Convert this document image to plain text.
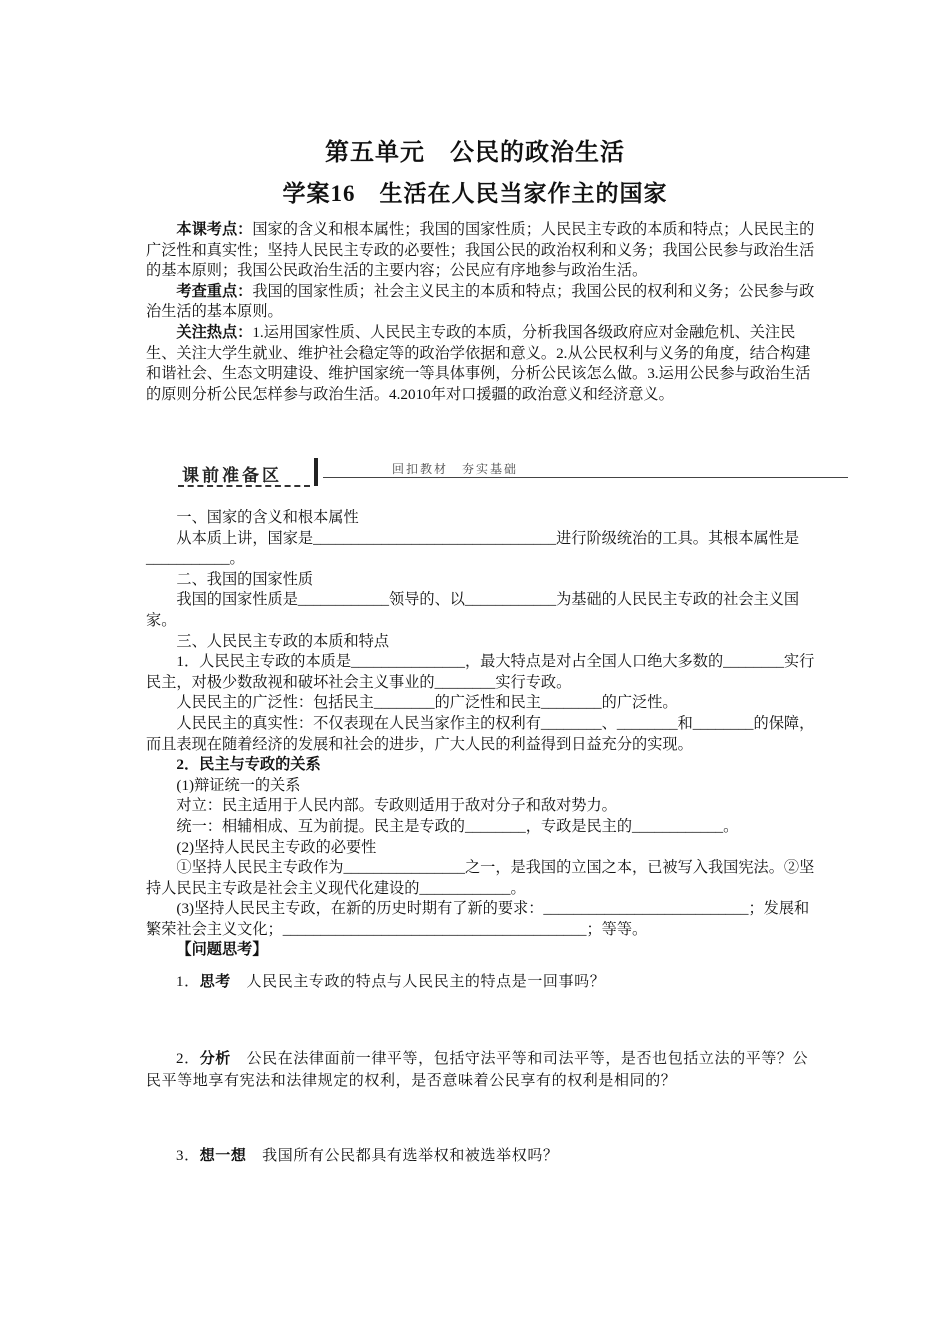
第五单元　公民的政治生活
学案16　生活在人民当家作主的国家

本课考点：国家的含义和根本属性；我国的国家性质；人民民主专政的本质和特点；人民民主的广泛性和真实性；坚持人民民主专政的必要性；我国公民的政治权利和义务；我国公民参与政治生活的基本原则；我国公民政治生活的主要内容；公民应有序地参与政治生活。

考查重点：我国的国家性质；社会主义民主的本质和特点；我国公民的权利和义务；公民参与政治生活的基本原则。

关注热点：1.运用国家性质、人民民主专政的本质，分析我国各级政府应对金融危机、关注民生、关注大学生就业、维护社会稳定等的政治学依据和意义。2.从公民权利与义务的角度，结合构建和谐社会、生态文明建设、维护国家统一等具体事例，分析公民该怎么做。3.运用公民参与政治生活的原则分析公民怎样参与政治生活。4.2010年对口援疆的政治意义和经济意义。

课前准备区	回扣教材　夯实基础

一、国家的含义和根本属性

从本质上讲，国家是________________________________进行阶级统治的工具。其根本属性是___________。

二、我国的国家性质

我国的国家性质是____________领导的、以____________为基础的人民民主专政的社会主义国家。

三、人民民主专政的本质和特点

1．人民民主专政的本质是_______________，最大特点是对占全国人口绝大多数的________实行民主，对极少数敌视和破坏社会主义事业的________实行专政。

人民民主的广泛性：包括民主________的广泛性和民主________的广泛性。

人民民主的真实性：不仅表现在人民当家作主的权利有________、________和________的保障，而且表现在随着经济的发展和社会的进步，广大人民的利益得到日益充分的实现。

2．民主与专政的关系

(1)辩证统一的关系

对立：民主适用于人民内部。专政则适用于敌对分子和敌对势力。

统一：相辅相成、互为前提。民主是专政的________，专政是民主的____________。

(2)坚持人民民主专政的必要性

①坚持人民民主专政作为________________之一，是我国的立国之本，已被写入我国宪法。②坚持人民民主专政是社会主义现代化建设的____________。

(3)坚持人民民主专政，在新的历史时期有了新的要求：___________________________；发展和繁荣社会主义文化；________________________________________；等等。

【问题思考】

1．思考　 人民民主专政的特点与人民民主的特点是一回事吗？

2．分析　 公民在法律面前一律平等，包括守法平等和司法平等，是否也包括立法的平等？公民平等地享有宪法和法律规定的权利，是否意味着公民享有的权利是相同的？

3．想一想　 我国所有公民都具有选举权和被选举权吗？
